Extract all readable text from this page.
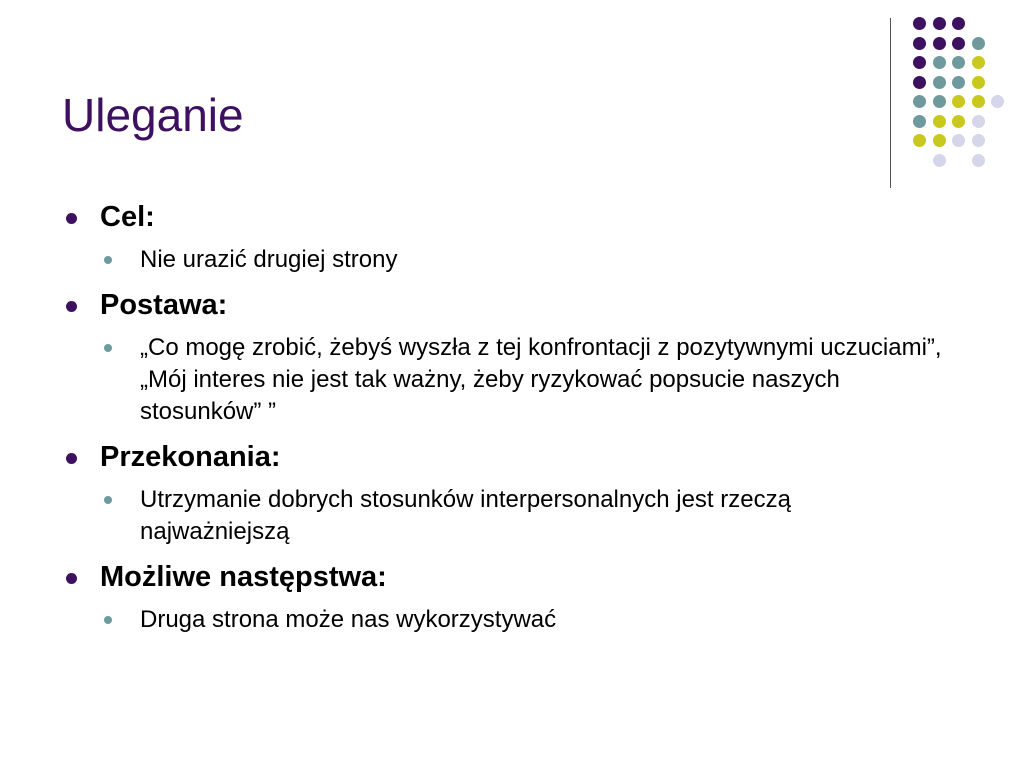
Uleganie
Cel:
Nie urazić drugiej strony
Postawa:
„Co mogę zrobić, żebyś wyszła z tej konfrontacji z pozytywnymi uczuciami”, „Mój interes nie jest tak ważny, żeby ryzykować popsucie naszych stosunków” ”
Przekonania:
Utrzymanie dobrych stosunków interpersonalnych jest rzeczą najważniejszą
Możliwe następstwa:
Druga strona może nas wykorzystywać
